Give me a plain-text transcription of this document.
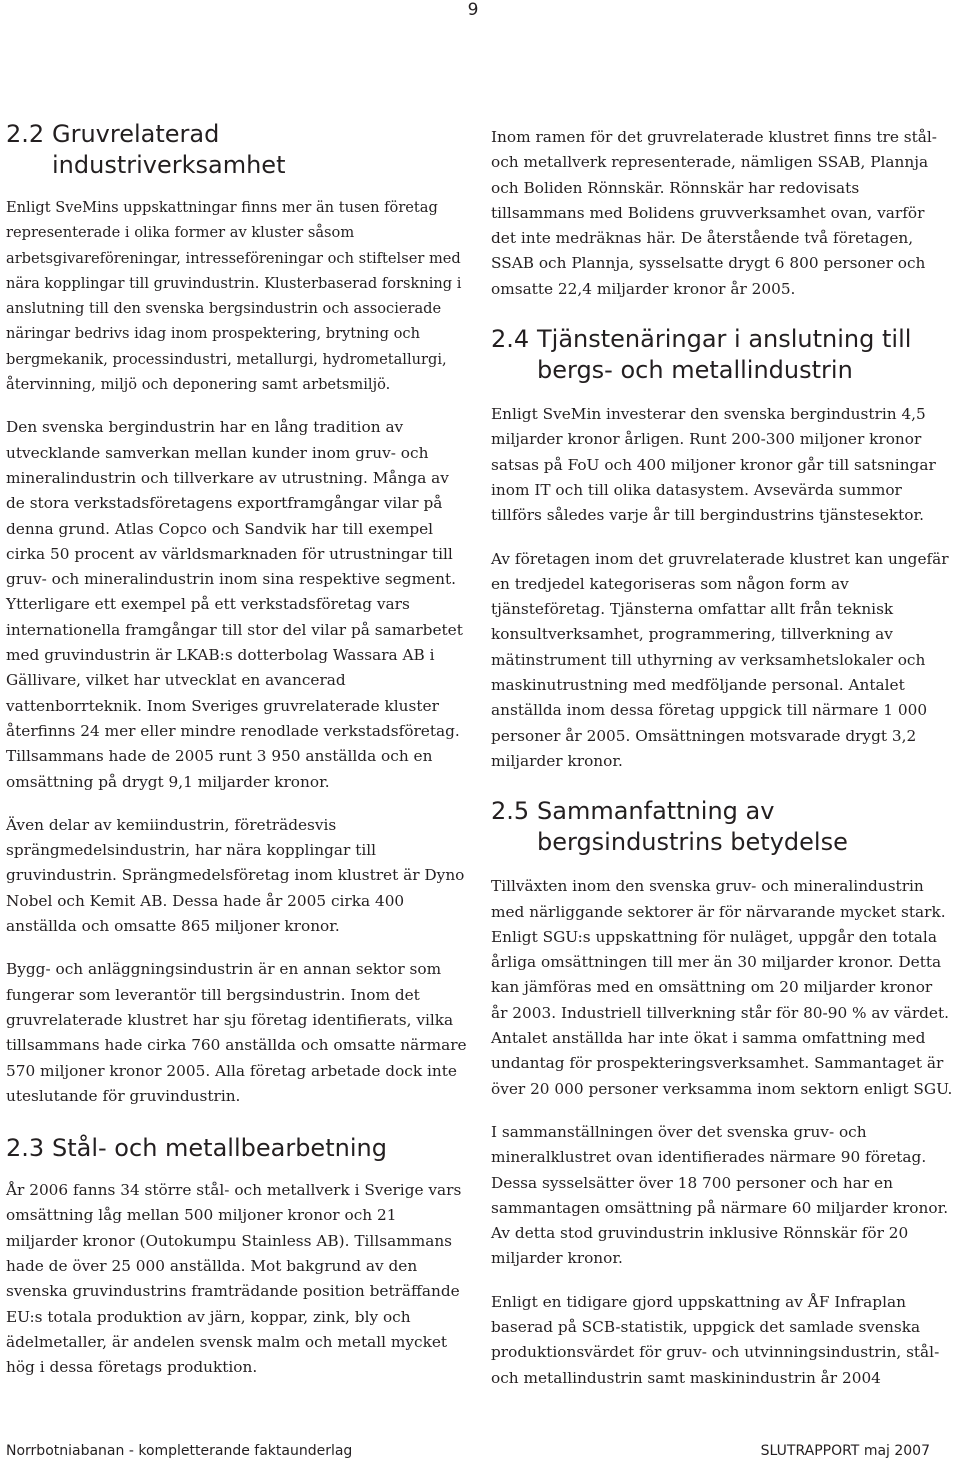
9
2.2 Gruvrelaterad industriverksamhet

Enligt SveMins uppskattningar finns mer än tusen företag representerade i olika former av kluster såsom arbetsgivareföreningar, intresseföreningar och stiftelser med nära kopplingar till gruvindustrin. Klusterbaserad forskning i anslutning till den svenska bergsindustrin och associerade näringar bedrivs idag inom prospektering, brytning och bergmekanik, processindustri, metallurgi, hydrometallurgi, återvinning, miljö och deponering samt arbetsmiljö.

Den svenska bergindustrin har en lång tradition av utvecklande samverkan mellan kunder inom gruv- och mineralindustrin och tillverkare av utrustning. Många av de stora verkstadsföretagens exportframgångar vilar på denna grund. Atlas Copco och Sandvik har till exempel cirka 50 procent av världsmarknaden för utrustningar till gruv- och mineralindustrin inom sina respektive segment. Ytterligare ett exempel på ett verkstadsföretag vars internationella framgångar till stor del vilar på samarbetet med gruvindustrin är LKAB:s dotterbolag Wassara AB i Gällivare, vilket har utvecklat en avancerad vattenborrteknik. Inom Sveriges gruvrelaterade kluster återfinns 24 mer eller mindre renodlade verkstadsföretag. Tillsammans hade de 2005 runt 3 950 anställda och en omsättning på drygt 9,1 miljarder kronor.

Även delar av kemiindustrin, företrädesvis sprängmedelsindustrin, har nära kopplingar till gruvindustrin. Sprängmedelsföretag inom klustret är Dyno Nobel och Kemit AB. Dessa hade år 2005 cirka 400 anställda och omsatte 865 miljoner kronor.

Bygg- och anläggningsindustrin är en annan sektor som fungerar som leverantör till bergsindustrin. Inom det gruvrelaterade klustret har sju företag identifierats, vilka tillsammans hade cirka 760 anställda och omsatte närmare 570 miljoner kronor 2005. Alla företag arbetade dock inte uteslutande för gruvindustrin.

2.3 Stål- och metallbearbetning

År 2006 fanns 34 större stål- och metallverk i Sverige vars omsättning låg mellan 500 miljoner kronor och 21 miljarder kronor (Outokumpu Stainless AB). Tillsammans hade de över 25 000 anställda. Mot bakgrund av den svenska gruvindustrins framträdande position beträffande EU:s totala produktion av järn, koppar, zink, bly och ädelmetaller, är andelen svensk malm och metall mycket hög i dessa företags produktion.

Inom ramen för det gruvrelaterade klustret finns tre stål- och metallverk representerade, nämligen SSAB, Plannja och Boliden Rönnskär. Rönnskär har redovisats tillsammans med Bolidens gruvverksamhet ovan, varför det inte medräknas här. De återstående två företagen, SSAB och Plannja, sysselsatte drygt 6 800 personer och omsatte 22,4 miljarder kronor år 2005.

2.4 Tjänstenäringar i anslutning till bergs- och metallindustrin

Enligt SveMin investerar den svenska bergindustrin 4,5 miljarder kronor årligen. Runt 200-300 miljoner kronor satsas på FoU och 400 miljoner kronor går till satsningar inom IT och till olika datasystem. Avsevärda summor tillförs således varje år till bergindustrins tjänstesektor.

Av företagen inom det gruvrelaterade klustret kan ungefär en tredjedel kategoriseras som någon form av tjänsteföretag. Tjänsterna omfattar allt från teknisk konsultverksamhet, programmering, tillverkning av mätinstrument till uthyrning av verksamhetslokaler och maskinutrustning med medföljande personal. Antalet anställda inom dessa företag uppgick till närmare 1 000 personer år 2005. Omsättningen motsvarade drygt 3,2 miljarder kronor.

2.5 Sammanfattning av bergsindustrins betydelse

Tillväxten inom den svenska gruv- och mineralindustrin med närliggande sektorer är för närvarande mycket stark. Enligt SGU:s uppskattning för nuläget, uppgår den totala årliga omsättningen till mer än 30 miljarder kronor. Detta kan jämföras med en omsättning om 20 miljarder kronor år 2003. Industriell tillverkning står för 80-90 % av värdet. Antalet anställda har inte ökat i samma omfattning med undantag för prospekteringsverksamhet. Sammantaget är över 20 000 personer verksamma inom sektorn enligt SGU.

I sammanställningen över det svenska gruv- och mineralklustret ovan identifierades närmare 90 företag. Dessa sysselsätter över 18 700 personer och har en sammantagen omsättning på närmare 60 miljarder kronor. Av detta stod gruvindustrin inklusive Rönnskär för 20 miljarder kronor.

Enligt en tidigare gjord uppskattning av ÅF Infraplan baserad på SCB-statistik, uppgick det samlade svenska produktionsvärdet för gruv- och utvinningsindustrin, stål- och metallindustrin samt maskinindustrin år 2004

Norrbotniabanan - kompletterande faktaunderlag	SLUTRAPPORT maj 2007
